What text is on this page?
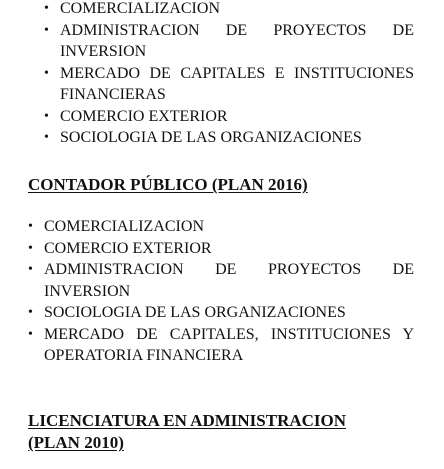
• COMERCIALIZACION
• ADMINISTRACION DE PROYECTOS DE INVERSION
• MERCADO DE CAPITALES E INSTITUCIONES FINANCIERAS
• COMERCIO EXTERIOR
• SOCIOLOGIA DE LAS ORGANIZACIONES
CONTADOR PÚBLICO (PLAN 2016)
• COMERCIALIZACION
• COMERCIO EXTERIOR
• ADMINISTRACION DE PROYECTOS DE INVERSION
• SOCIOLOGIA DE LAS ORGANIZACIONES
• MERCADO DE CAPITALES, INSTITUCIONES Y OPERATORIA FINANCIERA
LICENCIATURA EN ADMINISTRACION (PLAN 2010)
